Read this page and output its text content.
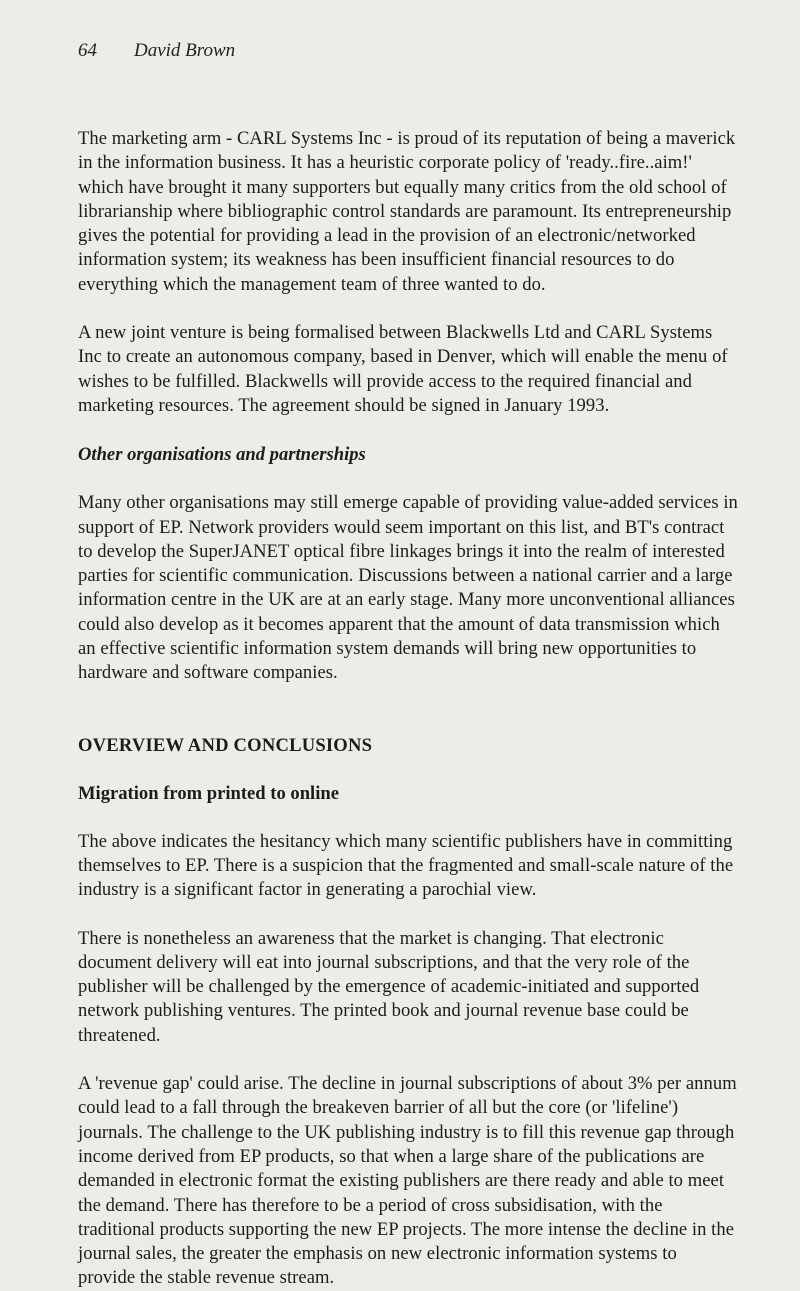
64 David Brown

The marketing arm - CARL Systems Inc - is proud of its reputation of being a maverick in the information business. It has a heuristic corporate policy of 'ready..fire..aim!' which have brought it many supporters but equally many critics from the old school of librarianship where bibliographic control standards are paramount. Its entrepreneurship gives the potential for providing a lead in the provision of an electronic/networked information system; its weakness has been insufficient financial resources to do everything which the management team of three wanted to do.

A new joint venture is being formalised between Blackwells Ltd and CARL Systems Inc to create an autonomous company, based in Denver, which will enable the menu of wishes to be fulfilled. Blackwells will provide access to the required financial and marketing resources. The agreement should be signed in January 1993.

Other organisations and partnerships

Many other organisations may still emerge capable of providing value-added services in support of EP. Network providers would seem important on this list, and BT's contract to develop the SuperJANET optical fibre linkages brings it into the realm of interested parties for scientific communication. Discussions between a national carrier and a large information centre in the UK are at an early stage. Many more unconventional alliances could also develop as it becomes apparent that the amount of data transmission which an effective scientific information system demands will bring new opportunities to hardware and software companies.

OVERVIEW AND CONCLUSIONS
Migration from printed to online

The above indicates the hesitancy which many scientific publishers have in committing themselves to EP. There is a suspicion that the fragmented and small-scale nature of the industry is a significant factor in generating a parochial view.

There is nonetheless an awareness that the market is changing. That electronic document delivery will eat into journal subscriptions, and that the very role of the publisher will be challenged by the emergence of academic-initiated and supported network publishing ventures. The printed book and journal revenue base could be threatened.

A 'revenue gap' could arise. The decline in journal subscriptions of about 3% per annum could lead to a fall through the breakeven barrier of all but the core (or 'lifeline') journals. The challenge to the UK publishing industry is to fill this revenue gap through income derived from EP products, so that when a large share of the publications are demanded in electronic format the existing publishers are there ready and able to meet the demand. There has therefore to be a period of cross subsidisation, with the traditional products supporting the new EP projects. The more intense the decline in the journal sales, the greater the emphasis on new electronic information systems to provide the stable revenue stream.
